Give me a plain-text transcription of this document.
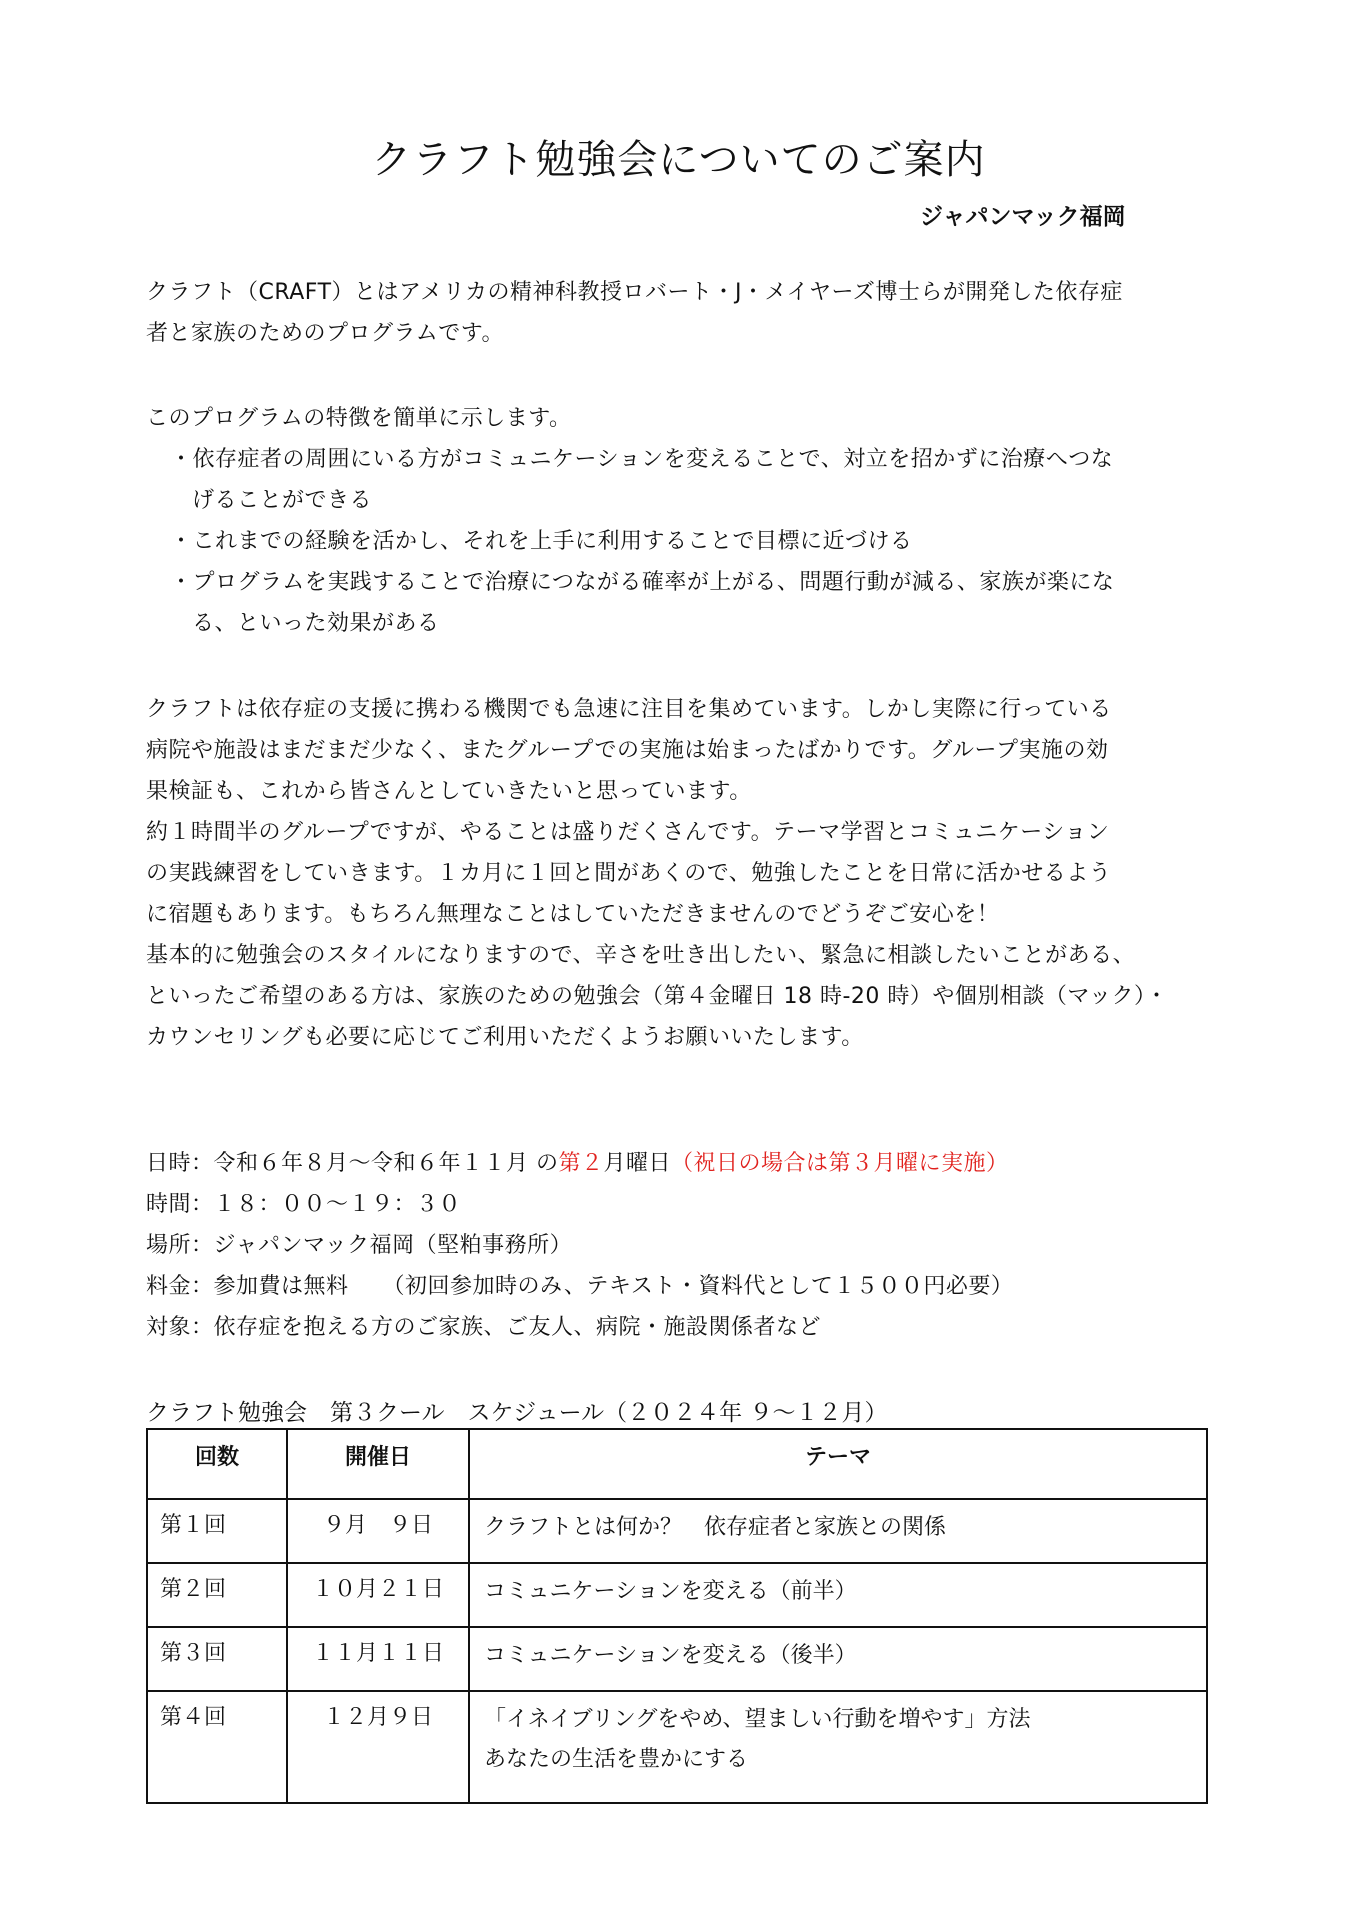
クラフト勉強会についてのご案内
ジャパンマック福岡
クラフト（CRAFT）とはアメリカの精神科教授ロバート・J・メイヤーズ博士らが開発した依存症
者と家族のためのプログラムです。
このプログラムの特徴を簡単に示します。
・依存症者の周囲にいる方がコミュニケーションを変えることで、対立を招かずに治療へつな
げることができる
・これまでの経験を活かし、それを上手に利用することで目標に近づける
・プログラムを実践することで治療につながる確率が上がる、問題行動が減る、家族が楽にな
る、といった効果がある
クラフトは依存症の支援に携わる機関でも急速に注目を集めています。しかし実際に行っている
病院や施設はまだまだ少なく、またグループでの実施は始まったばかりです。グループ実施の効
果検証も、これから皆さんとしていきたいと思っています。
約１時間半のグループですが、やることは盛りだくさんです。テーマ学習とコミュニケーション
の実践練習をしていきます。１カ月に１回と間があくので、勉強したことを日常に活かせるよう
に宿題もあります。もちろん無理なことはしていただきませんのでどうぞご安心を！
基本的に勉強会のスタイルになりますので、辛さを吐き出したい、緊急に相談したいことがある、
といったご希望のある方は、家族のための勉強会（第４金曜日 18 時-20 時）や個別相談（マック）・
カウンセリングも必要に応じてご利用いただくようお願いいたします。
日時：令和６年８月～令和６年１１月 の第２月曜日（祝日の場合は第３月曜に実施）
時間：１８：００～１９：３０
場所：ジャパンマック福岡（堅粕事務所）
料金：参加費は無料　　（初回参加時のみ、テキスト・資料代として１５００円必要）
対象：依存症を抱える方のご家族、ご友人、病院・施設関係者など
クラフト勉強会　第３クール　スケジュール（２０２４年 ９～１２月）
回数	開催日	テーマ
第１回	９月　９日	クラフトとは何か？　依存症者と家族との関係
第２回	１０月２１日	コミュニケーションを変える（前半）
第３回	１１月１１日	コミュニケーションを変える（後半）
第４回	１２月９日	「イネイブリングをやめ、望ましい行動を増やす」方法
あなたの生活を豊かにする
